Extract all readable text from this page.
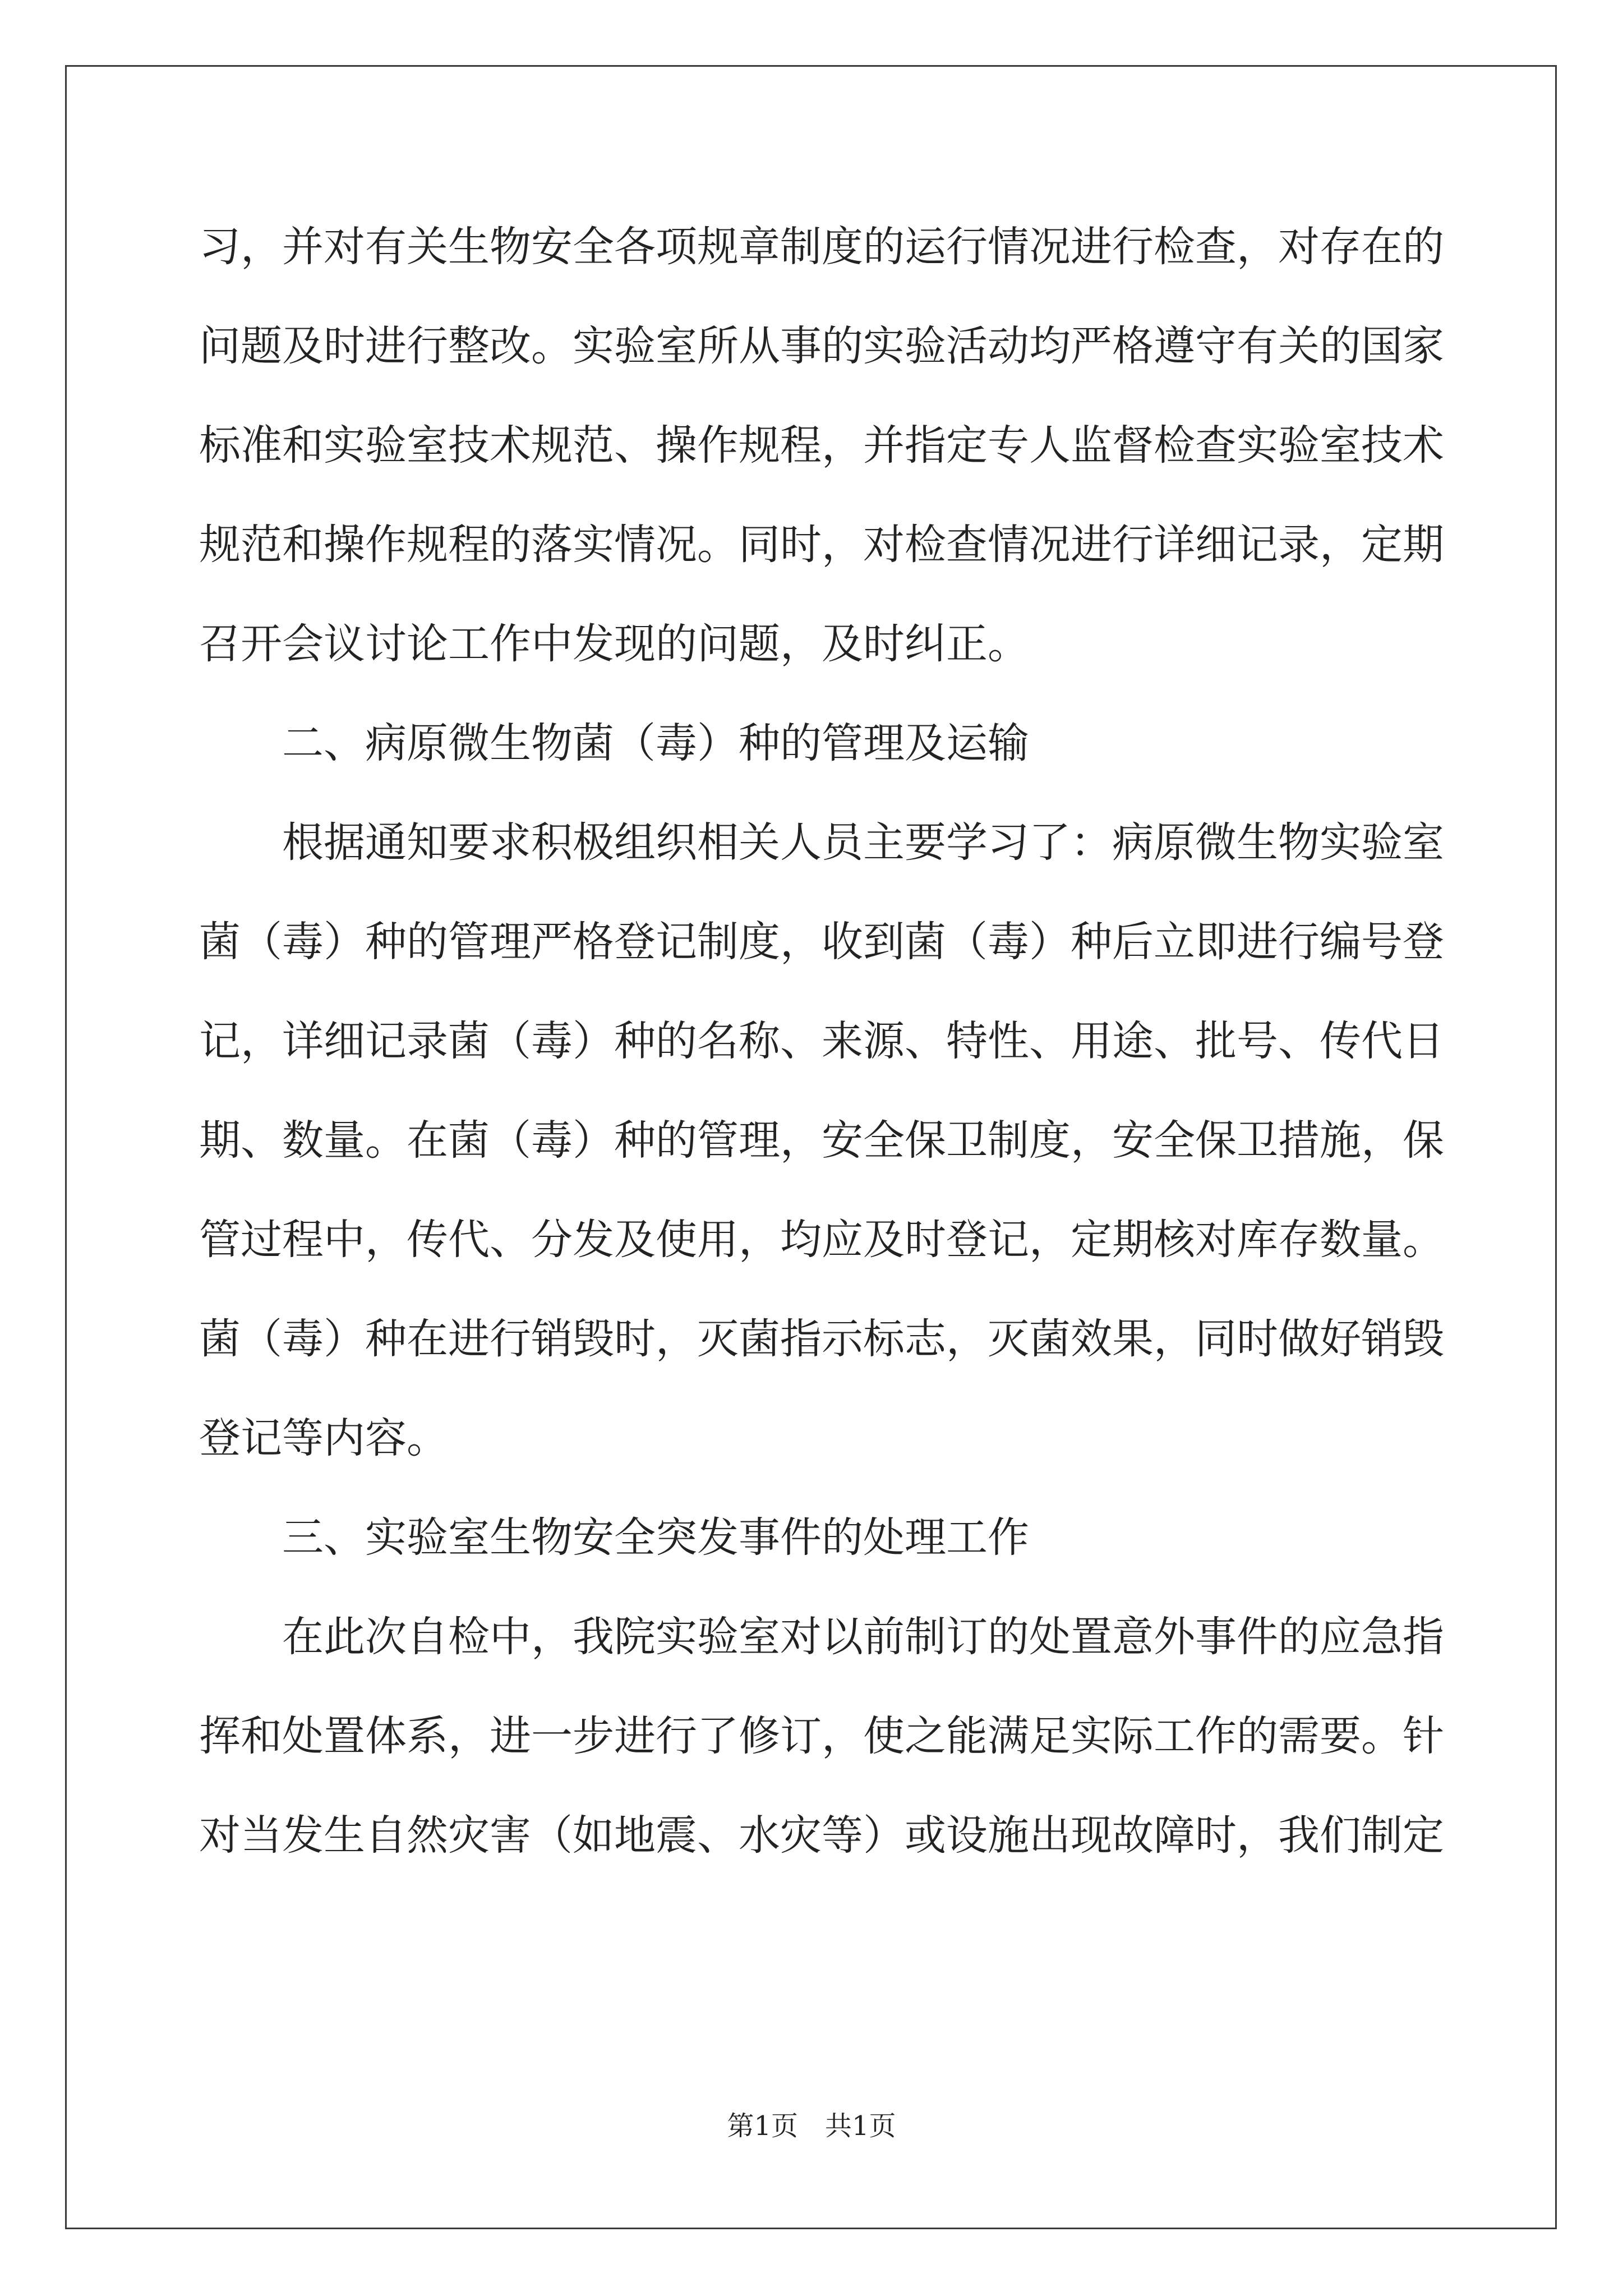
习，并对有关生物安全各项规章制度的运行情况进行检查，对存在的
问题及时进行整改。实验室所从事的实验活动均严格遵守有关的国家
标准和实验室技术规范、操作规程，并指定专人监督检查实验室技术
规范和操作规程的落实情况。同时，对检查情况进行详细记录，定期
召开会议讨论工作中发现的问题，及时纠正。
二、病原微生物菌（毒）种的管理及运输
根据通知要求积极组织相关人员主要学习了：病原微生物实验室
菌（毒）种的管理严格登记制度，收到菌（毒）种后立即进行编号登
记，详细记录菌（毒）种的名称、来源、特性、用途、批号、传代日
期、数量。在菌（毒）种的管理，安全保卫制度，安全保卫措施，保
管过程中，传代、分发及使用，均应及时登记，定期核对库存数量。
菌（毒）种在进行销毁时，灭菌指示标志，灭菌效果，同时做好销毁
登记等内容。
三、实验室生物安全突发事件的处理工作
在此次自检中，我院实验室对以前制订的处置意外事件的应急指
挥和处置体系，进一步进行了修订，使之能满足实际工作的需要。针
对当发生自然灾害（如地震、水灾等）或设施出现故障时，我们制定
第1页　共1页
